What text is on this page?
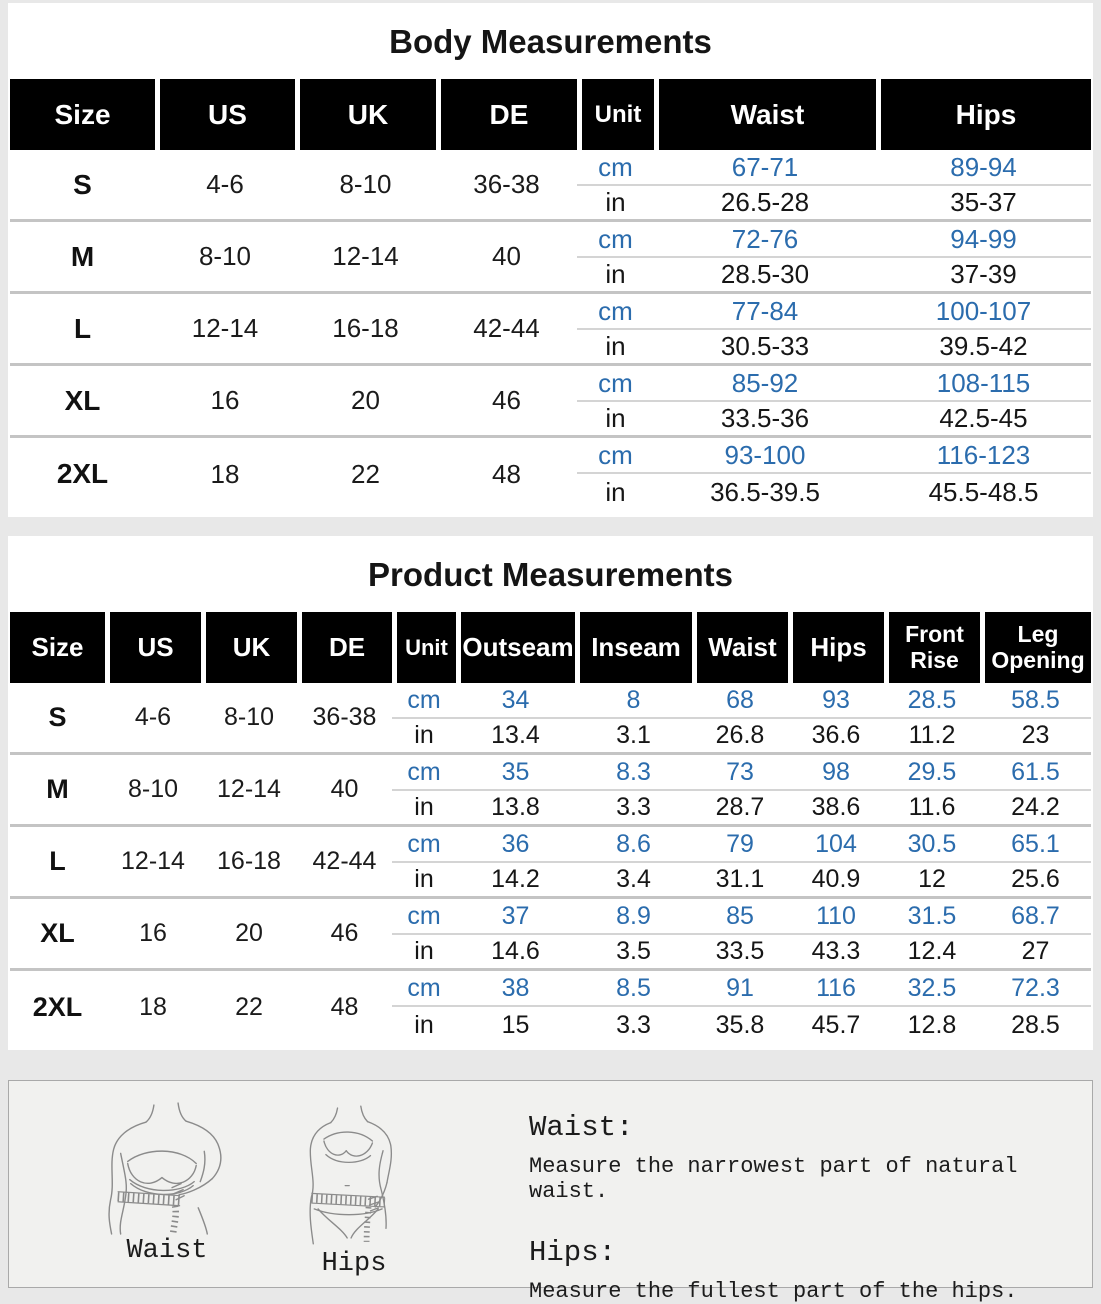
Body Measurements
Size	US	UK	DE	Unit	Waist	Hips
S	4-6	8-10	36-38	cm	67-71	89-94
				in	26.5-28	35-37
M	8-10	12-14	40	cm	72-76	94-99
				in	28.5-30	37-39
L	12-14	16-18	42-44	cm	77-84	100-107
				in	30.5-33	39.5-42
XL	16	20	46	cm	85-92	108-115
				in	33.5-36	42.5-45
2XL	18	22	48	cm	93-100	116-123
				in	36.5-39.5	45.5-48.5
Product Measurements
Size	US	UK	DE	Unit	Outseam	Inseam	Waist	Hips	Front Rise	Leg Opening
S	4-6	8-10	36-38	cm	34	8	68	93	28.5	58.5
				in	13.4	3.1	26.8	36.6	11.2	23
M	8-10	12-14	40	cm	35	8.3	73	98	29.5	61.5
				in	13.8	3.3	28.7	38.6	11.6	24.2
L	12-14	16-18	42-44	cm	36	8.6	79	104	30.5	65.1
				in	14.2	3.4	31.1	40.9	12	25.6
XL	16	20	46	cm	37	8.9	85	110	31.5	68.7
				in	14.6	3.5	33.5	43.3	12.4	27
2XL	18	22	48	cm	38	8.5	91	116	32.5	72.3
				in	15	3.3	35.8	45.7	12.8	28.5
Waist	Hips
Waist:
Measure the narrowest part of natural waist.
Hips:
Measure the fullest part of the hips.
